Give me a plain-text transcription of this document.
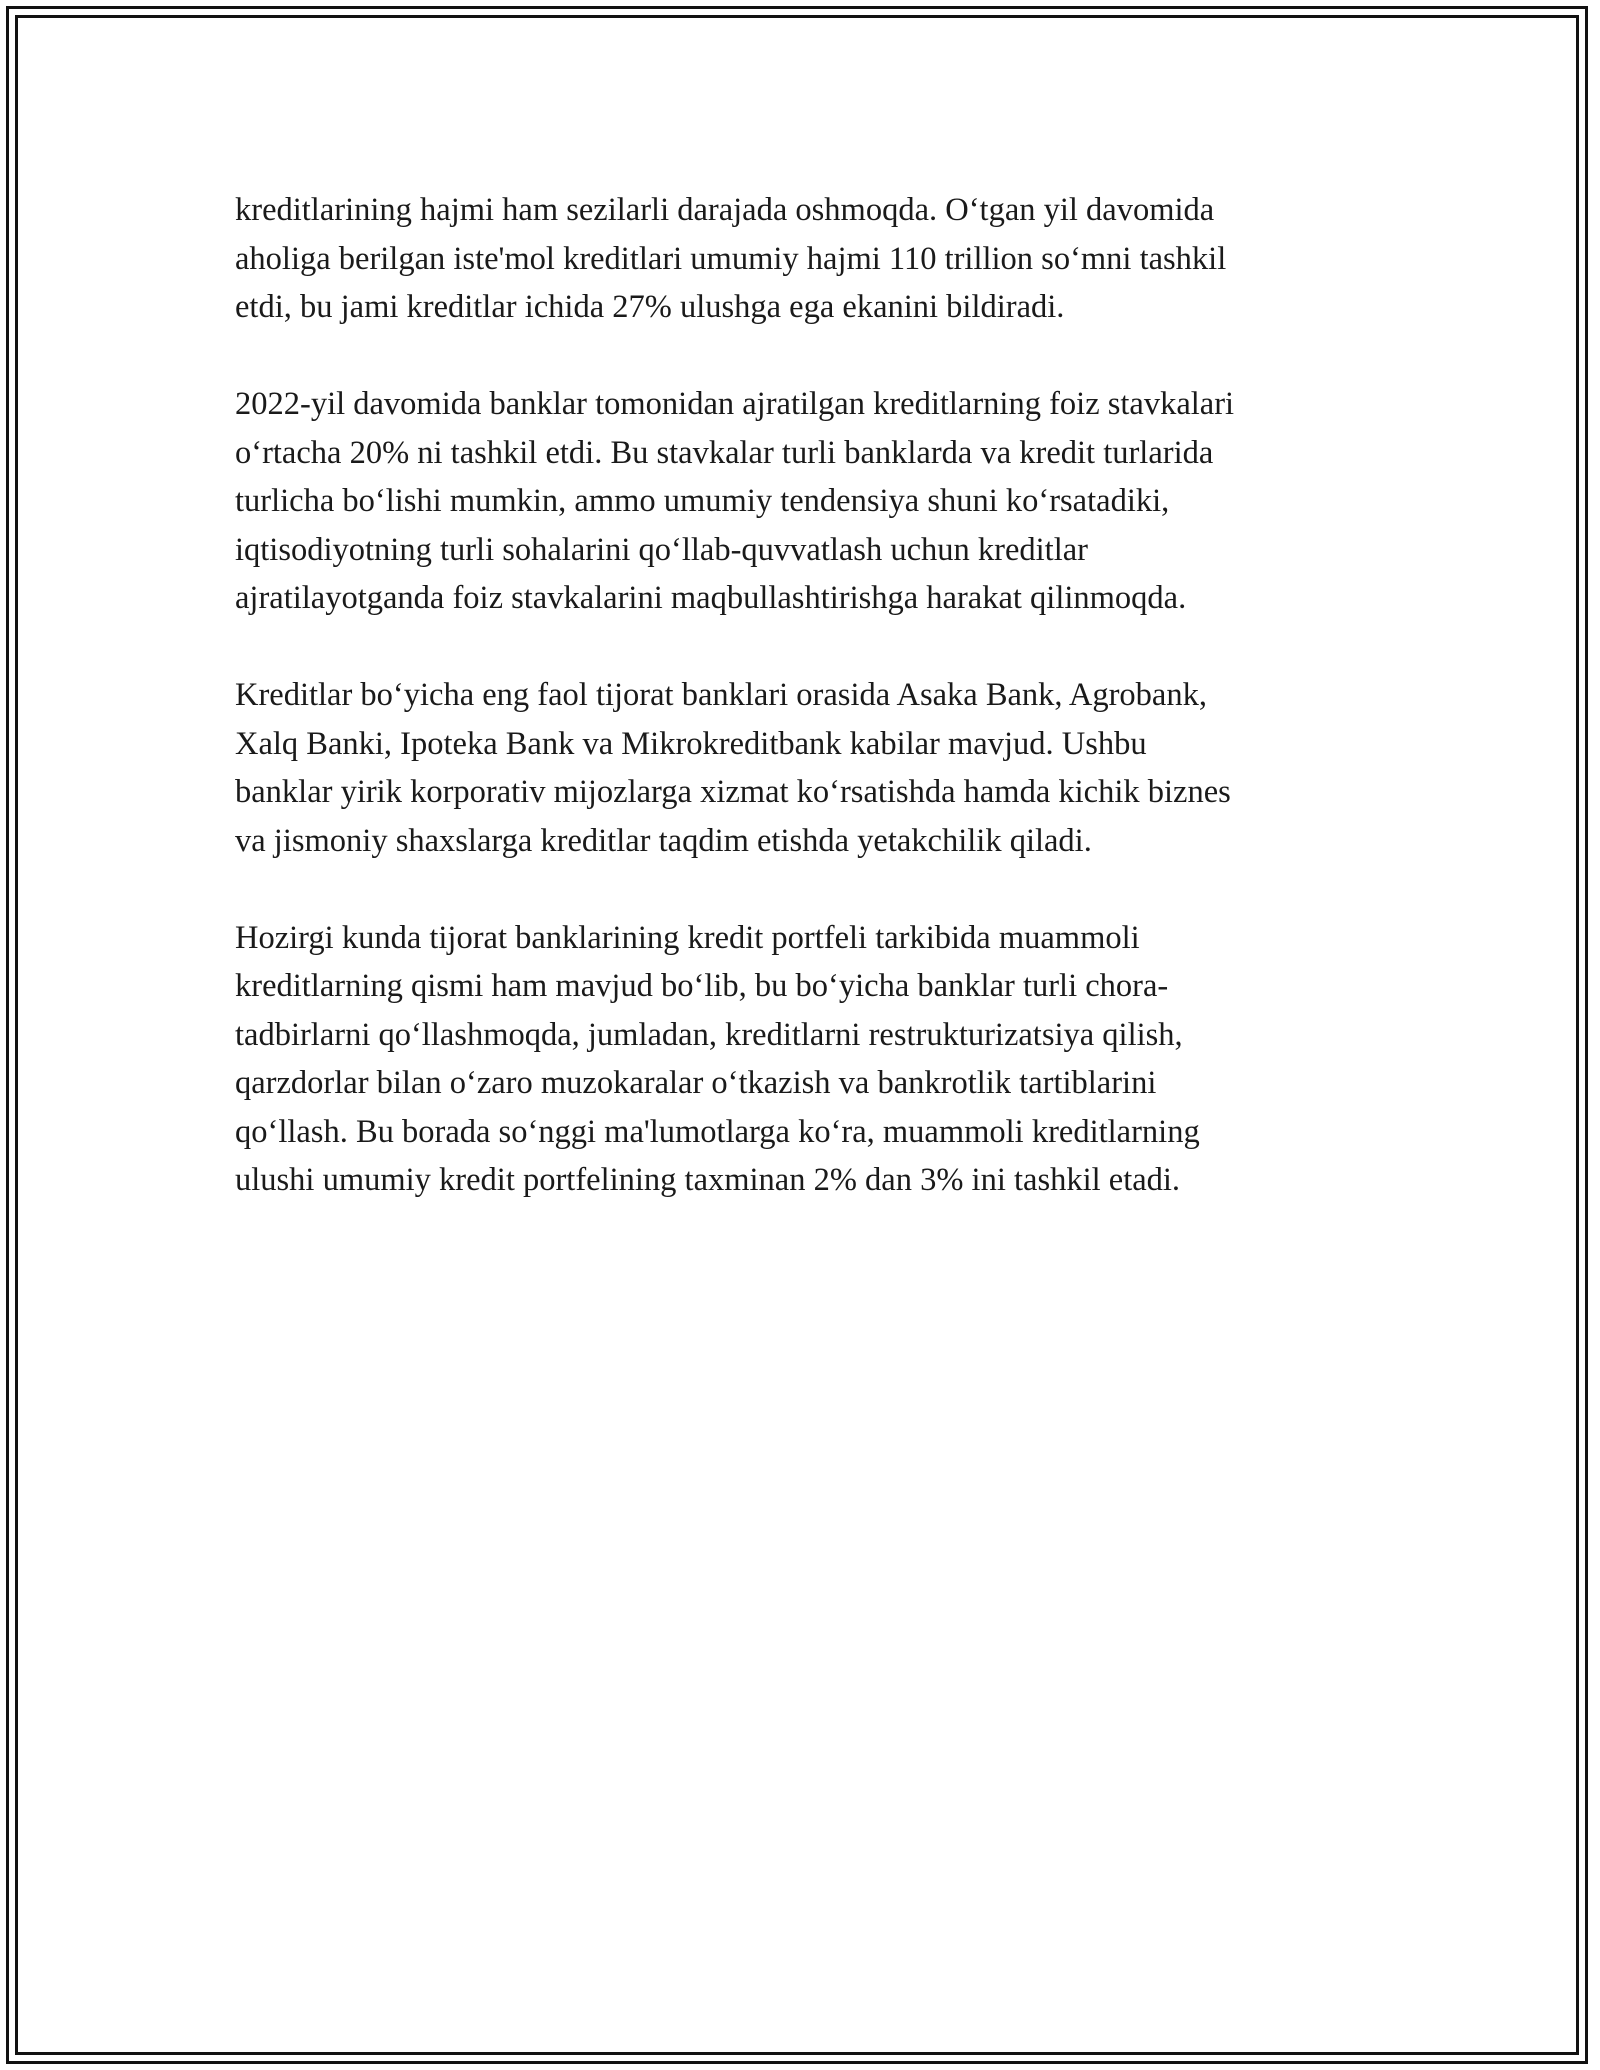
kreditlarining hajmi ham sezilarli darajada oshmoqda. O‘tgan yil davomida
aholiga berilgan iste'mol kreditlari umumiy hajmi 110 trillion so‘mni tashkil
etdi, bu jami kreditlar ichida 27% ulushga ega ekanini bildiradi.

2022-yil davomida banklar tomonidan ajratilgan kreditlarning foiz stavkalari
o‘rtacha 20% ni tashkil etdi. Bu stavkalar turli banklarda va kredit turlarida
turlicha bo‘lishi mumkin, ammo umumiy tendensiya shuni ko‘rsatadiki,
iqtisodiyotning turli sohalarini qo‘llab-quvvatlash uchun kreditlar
ajratilayotganda foiz stavkalarini maqbullashtirishga harakat qilinmoqda.

Kreditlar bo‘yicha eng faol tijorat banklari orasida Asaka Bank, Agrobank,
Xalq Banki, Ipoteka Bank va Mikrokreditbank kabilar mavjud. Ushbu
banklar yirik korporativ mijozlarga xizmat ko‘rsatishda hamda kichik biznes
va jismoniy shaxslarga kreditlar taqdim etishda yetakchilik qiladi.

Hozirgi kunda tijorat banklarining kredit portfeli tarkibida muammoli
kreditlarning qismi ham mavjud bo‘lib, bu bo‘yicha banklar turli chora-
tadbirlarni qo‘llashmoqda, jumladan, kreditlarni restrukturizatsiya qilish,
qarzdorlar bilan o‘zaro muzokaralar o‘tkazish va bankrotlik tartiblarini
qo‘llash. Bu borada so‘nggi ma'lumotlarga ko‘ra, muammoli kreditlarning
ulushi umumiy kredit portfelining taxminan 2% dan 3% ini tashkil etadi.
